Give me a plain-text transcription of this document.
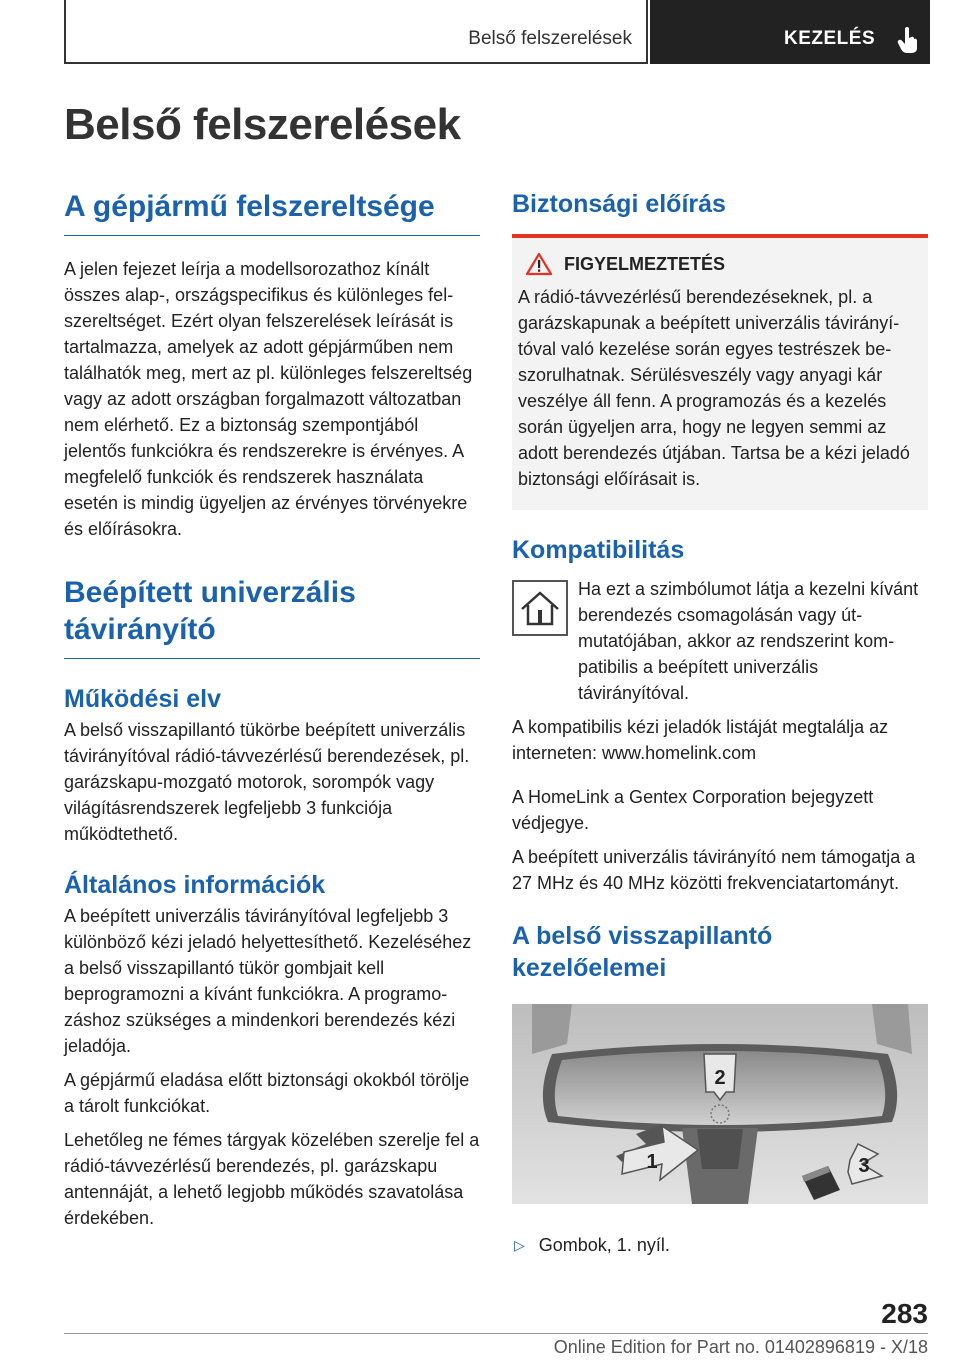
Belső felszerelések	KEZELÉS
Belső felszerelések
A gépjármű felszereltsége

A jelen fejezet leírja a modellsorozathoz kínált összes alap-, országspecifikus és különleges felszereltséget. Ezért olyan felszerelések leírását is tartalmazza, amelyek az adott gépjárműben nem találhatók meg, mert az pl. különleges felszereltség vagy az adott országban forgalmazott változatban nem elérhető. Ez a biztonság szempontjából jelentős funkciókra és rendszerekre is érvényes. A megfelelő funkciók és rendszerek használata esetén is mindig ügyeljen az érvényes törvényekre és előírásokra.

Beépített univerzális távirányító
Működési elv

A belső visszapillantó tükörbe beépített univerzális távirányítóval rádió-távvezérlésű berendezések, pl. garázskapu-mozgató motorok, sorompók vagy világításrendszerek legfeljebb 3 funkciója működtethető.

Általános információk

A beépített univerzális távirányítóval legfeljebb 3 különböző kézi jeladó helyettesíthető. Kezeléséhez a belső visszapillantó tükör gombjait kell beprogramozni a kívánt funkciókra. A programozáshoz szükséges a mindenkori berendezés kézi jeladója.

A gépjármű eladása előtt biztonsági okokból törölje a tárolt funkciókat.

Lehetőleg ne fémes tárgyak közelében szerelje fel a rádió-távvezérlésű berendezés, pl. garázskapu antennáját, a lehető legjobb működés szavatolása érdekében.

Biztonsági előírás
FIGYELMEZTETÉS

A rádió-távvezérlésű berendezéseknek, pl. a garázskapunak a beépített univerzális távirányítóval való kezelése során egyes testrészek beszorulhatnak. Sérülésveszély vagy anyagi kár veszélye áll fenn. A programozás és a kezelés során ügyeljen arra, hogy ne legyen semmi az adott berendezés útjában. Tartsa be a kézi jeladó biztonsági előírásait is.

Kompatibilitás

Ha ezt a szimbólumot látja a kezelni kívánt berendezés csomagolásán vagy útmutatójában, akkor az rendszerint kompatibilis a beépített univerzális távirányítóval.

A kompatibilis kézi jeladók listáját megtalálja az interneten: www.homelink.com

A HomeLink a Gentex Corporation bejegyzett védjegye.

A beépített univerzális távirányító nem támogatja a 27 MHz és 40 MHz közötti frekvenciatartományt.

A belső visszapillantó kezelőelemei
2
1	3
▷ Gombok, 1. nyíl.
283
Online Edition for Part no. 01402896819 - X/18
